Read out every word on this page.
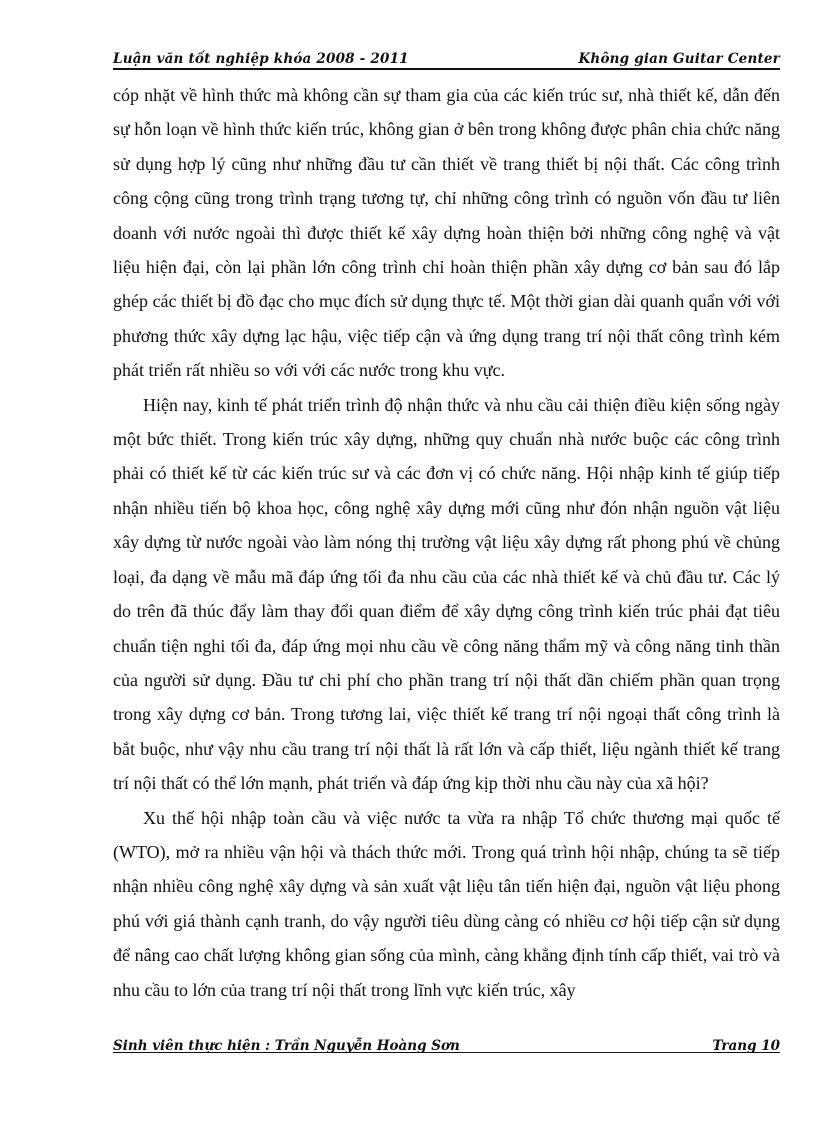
Luận văn tốt nghiệp khóa 2008 - 2011	Không gian Guitar Center

cóp nhặt về hình thức mà không cần sự tham gia của các kiến trúc sư, nhà thiết kế, dẫn đến sự hỗn loạn về hình thức kiến trúc, không gian ở bên trong không được phân chia chức năng sử dụng hợp lý cũng như những đầu tư cần thiết về trang thiết bị nội thất. Các công trình công cộng cũng trong trình trạng tương tự, chỉ những công trình có nguồn vốn đầu tư liên doanh với nước ngoài thì được thiết kế xây dựng hoàn thiện bởi những công nghệ và vật liệu hiện đại, còn lại phần lớn công trình chỉ hoàn thiện phần xây dựng cơ bản sau đó lắp ghép các thiết bị đồ đạc cho mục đích sử dụng thực tế. Một thời gian dài quanh quẩn với với phương thức xây dựng lạc hậu, việc tiếp cận và ứng dụng trang trí nội thất công trình kém phát triển rất nhiều so với với các nước trong khu vực.

Hiện nay, kinh tế phát triển trình độ nhận thức và nhu cầu cải thiện điều kiện sống ngày một bức thiết. Trong kiến trúc xây dựng, những quy chuẩn nhà nước buộc các công trình phải có thiết kế từ các kiến trúc sư và các đơn vị có chức năng. Hội nhập kinh tế giúp tiếp nhận nhiều tiến bộ khoa học, công nghệ xây dựng mới cũng như đón nhận nguồn vật liệu xây dựng từ nước ngoài vào làm nóng thị trường vật liệu xây dựng rất phong phú về chủng loại, đa dạng về mẫu mã đáp ứng tối đa nhu cầu của các nhà thiết kế và chủ đầu tư. Các lý do trên đã thúc đẩy làm thay đổi quan điểm để xây dựng công trình kiến trúc phải đạt tiêu chuẩn tiện nghi tối đa, đáp ứng mọi nhu cầu về công năng thẩm mỹ và công năng tinh thần của người sử dụng. Đầu tư chi phí cho phần trang trí nội thất dần chiếm phần quan trọng trong xây dựng cơ bản. Trong tương lai, việc thiết kế trang trí nội ngoại thất công trình là bắt buộc, như vậy nhu cầu trang trí nội thất là rất lớn và cấp thiết, liệu ngành thiết kế trang trí nội thất có thể lớn mạnh, phát triển và đáp ứng kịp thời nhu cầu này của xã hội?

Xu thế hội nhập toàn cầu và việc nước ta vừa ra nhập Tổ chức thương mại quốc tế (WTO), mở ra nhiều vận hội và thách thức mới. Trong quá trình hội nhập, chúng ta sẽ tiếp nhận nhiều công nghệ xây dựng và sản xuất vật liệu tân tiến hiện đại, nguồn vật liệu phong phú với giá thành cạnh tranh, do vậy người tiêu dùng càng có nhiều cơ hội tiếp cận sử dụng để nâng cao chất lượng không gian sống của mình, càng khẳng định tính cấp thiết, vai trò và nhu cầu to lớn của trang trí nội thất trong lĩnh vực kiến trúc, xây

Sinh viên thực hiện : Trần Nguyễn Hoàng Sơn	Trang 10
